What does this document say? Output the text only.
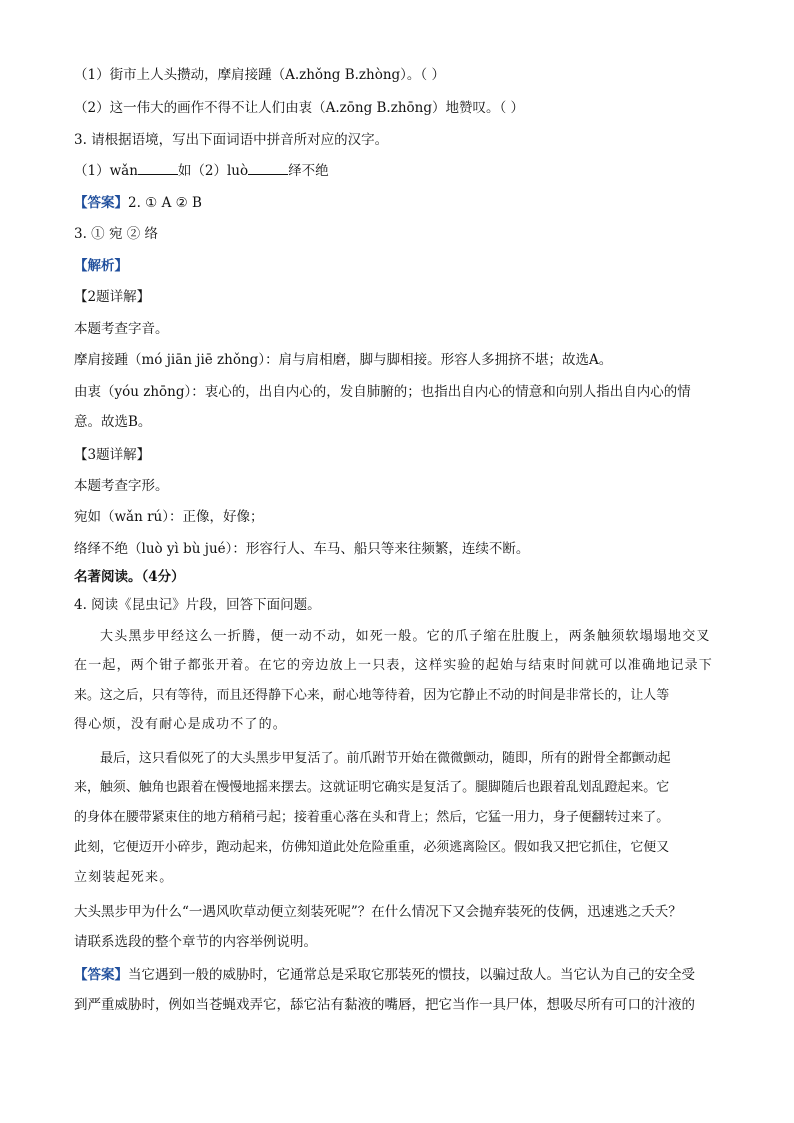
（1）街市上人头攒动，摩肩接踵（A.zhǒng B.zhòng）。（ ）
（2）这一伟大的画作不得不让人们由衷（A.zōng B.zhōng）地赞叹。（ ）
3. 请根据语境，写出下面词语中拼音所对应的汉字。
（1）wǎn	如（2）luò	绎不绝
【答案】2. ① A ② B
3. ① 宛 ② 络
【解析】
【2题详解】
本题考查字音。
摩肩接踵（mó jiān jiē zhǒng）：肩与肩相磨，脚与脚相接。形容人多拥挤不堪；故选A。
由衷（yóu zhōng）：衷心的，出自内心的，发自肺腑的；也指出自内心的情意和向别人指出自内心的情
意。故选B。
【3题详解】
本题考查字形。
宛如（wǎn rú）：正像，好像；
络绎不绝（luò yì bù jué）：形容行人、车马、船只等来往频繁，连续不断。
名著阅读。（4分）
4. 阅读《昆虫记》片段，回答下面问题。
大头黑步甲经这么一折腾，便一动不动，如死一般。它的爪子缩在肚腹上，两条触须软塌塌地交叉
在一起，两个钳子都张开着。在它的旁边放上一只表，这样实验的起始与结束时间就可以准确地记录下
来。这之后，只有等待，而且还得静下心来，耐心地等待着，因为它静止不动的时间是非常长的，让人等
得心烦，没有耐心是成功不了的。
最后，这只看似死了的大头黑步甲复活了。前爪跗节开始在微微颤动，随即，所有的跗骨全都颤动起
来，触须、触角也跟着在慢慢地摇来摆去。这就证明它确实是复活了。腿脚随后也跟着乱划乱蹬起来。它
的身体在腰带紧束住的地方稍稍弓起；接着重心落在头和背上；然后，它猛一用力，身子便翻转过来了。
此刻，它便迈开小碎步，跑动起来，仿佛知道此处危险重重，必须逃离险区。假如我又把它抓住，它便又
立刻装起死来。
大头黑步甲为什么“一遇风吹草动便立刻装死呢”？在什么情况下又会抛弃装死的伎俩，迅速逃之夭夭？
请联系选段的整个章节的内容举例说明。
【答案】当它遇到一般的威胁时，它通常总是采取它那装死的惯技，以骗过敌人。当它认为自己的安全受
到严重威胁时，例如当苍蝇戏弄它，舔它沾有黏液的嘴唇，把它当作一具尸体，想吸尽所有可口的汁液的
